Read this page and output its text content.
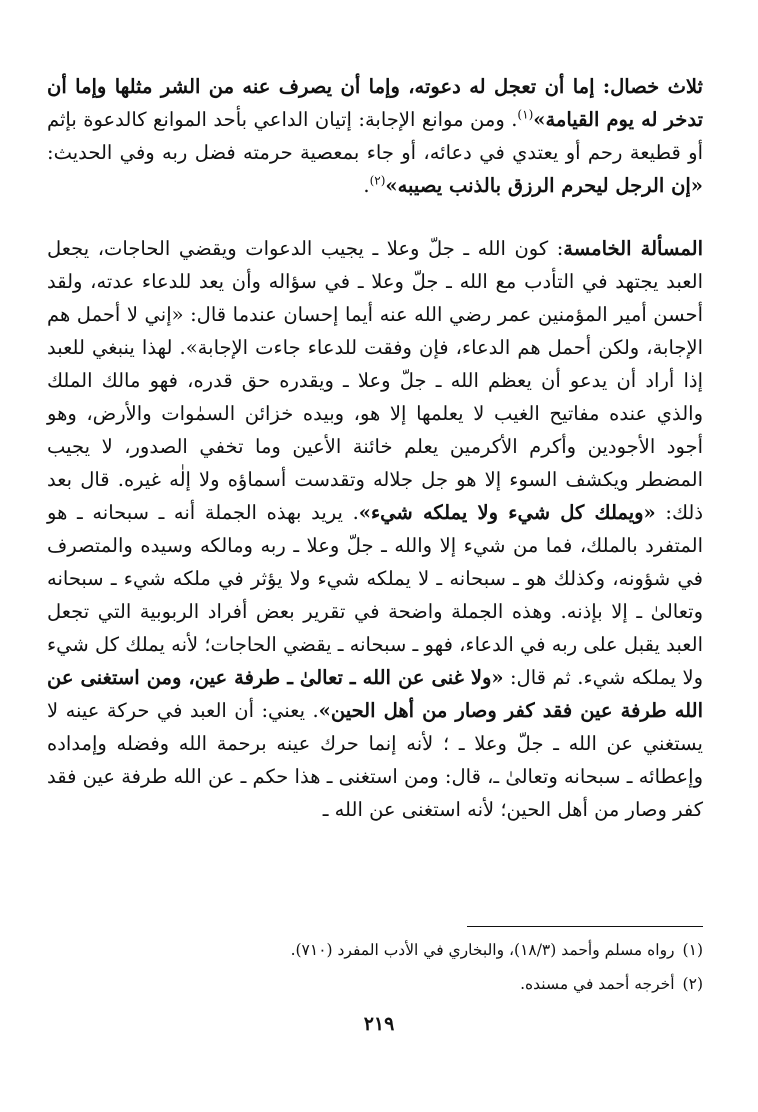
ثلاث خصال: إما أن تعجل له دعوته، وإما أن يصرف عنه من الشر مثلها وإما أن تدخر له يوم القيامة»$^{(١)}$. ومن موانع الإجابة: إتيان الداعي بأحد الموانع كالدعوة بإثم أو قطيعة رحم أو يعتدي في دعائه، أو جاء بمعصية حرمته فضل ربه وفي الحديث: «إن الرجل ليحرم الرزق بالذنب يصيبه»$^{(٢)}$.

المسألة الخامسة: كون الله ـ جلّ وعلا ـ يجيب الدعوات ويقضي الحاجات، يجعل العبد يجتهد في التأدب مع الله ـ جلّ وعلا ـ في سؤاله وأن يعد للدعاء عدته، ولقد أحسن أمير المؤمنين عمر رضي الله عنه أيما إحسان عندما قال: «إني لا أحمل هم الإجابة، ولكن أحمل هم الدعاء، فإن وفقت للدعاء جاءت الإجابة». لهذا ينبغي للعبد إذا أراد أن يدعو أن يعظم الله ـ جلّ وعلا ـ ويقدره حق قدره، فهو مالك الملك والذي عنده مفاتيح الغيب لا يعلمها إلا هو، وبيده خزائن السمٰوات والأرض، وهو أجود الأجودين وأكرم الأكرمين يعلم خائنة الأعين وما تخفي الصدور، لا يجيب المضطر ويكشف السوء إلا هو جل جلاله وتقدست أسماؤه ولا إلٰه غيره. قال بعد ذلك: «ويملك كل شيء ولا يملكه شيء». يريد بهذه الجملة أنه ـ سبحانه ـ هو المتفرد بالملك، فما من شيء إلا والله ـ جلّ وعلا ـ ربه ومالكه وسيده والمتصرف في شؤونه، وكذلك هو ـ سبحانه ـ لا يملكه شيء ولا يؤثر في ملكه شيء ـ سبحانه وتعالىٰ ـ إلا بإذنه. وهذه الجملة واضحة في تقرير بعض أفراد الربوبية التي تجعل العبد يقبل على ربه في الدعاء، فهو ـ سبحانه ـ يقضي الحاجات؛ لأنه يملك كل شيء ولا يملكه شيء. ثم قال: «ولا غنى عن الله ـ تعالىٰ ـ طرفة عين، ومن استغنى عن الله طرفة عين فقد كفر وصار من أهل الحين». يعني: أن العبد في حركة عينه لا يستغني عن الله ـ جلّ وعلا ـ ؛ لأنه إنما حرك عينه برحمة الله وفضله وإمداده وإعطائه ـ سبحانه وتعالىٰ ـ، قال: ومن استغنى ـ هذا حكم ـ عن الله طرفة عين فقد كفر وصار من أهل الحين؛ لأنه استغنى عن الله ـ

(١)رواه مسلم وأحمد (١٨/٣)، والبخاري في الأدب المفرد (٧١٠).
(٢)أخرجه أحمد في مسنده.
٢١٩
